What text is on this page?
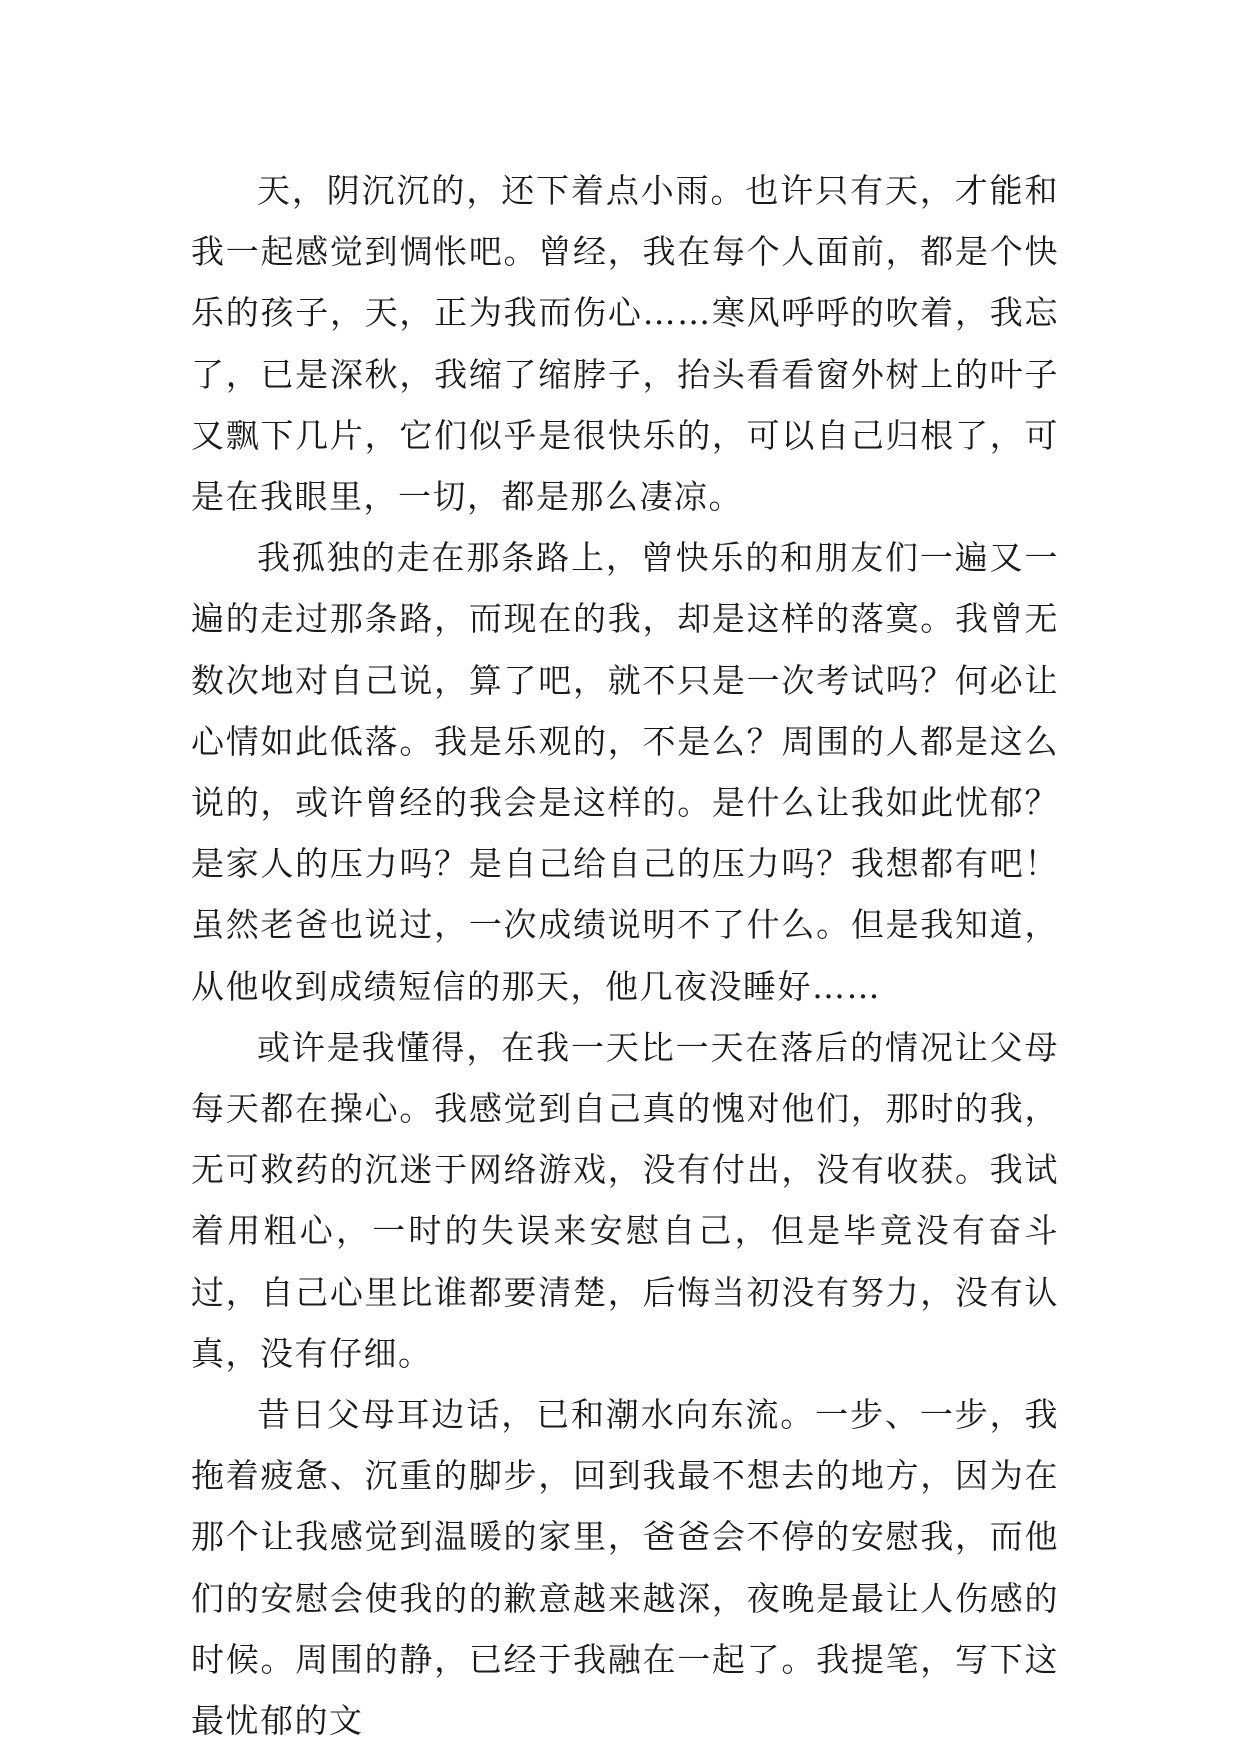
天，阴沉沉的，还下着点小雨。也许只有天，才能和我一起感觉到惆怅吧。曾经，我在每个人面前，都是个快乐的孩子，天，正为我而伤心……寒风呼呼的吹着，我忘了，已是深秋，我缩了缩脖子，抬头看看窗外树上的叶子又飘下几片，它们似乎是很快乐的，可以自己归根了，可是在我眼里，一切，都是那么凄凉。

我孤独的走在那条路上，曾快乐的和朋友们一遍又一遍的走过那条路，而现在的我，却是这样的落寞。我曾无数次地对自己说，算了吧，就不只是一次考试吗？何必让心情如此低落。我是乐观的，不是么？周围的人都是这么说的，或许曾经的我会是这样的。是什么让我如此忧郁？是家人的压力吗？是自己给自己的压力吗？我想都有吧！虽然老爸也说过，一次成绩说明不了什么。但是我知道，从他收到成绩短信的那天，他几夜没睡好……

或许是我懂得，在我一天比一天在落后的情况让父母每天都在操心。我感觉到自己真的愧对他们，那时的我，无可救药的沉迷于网络游戏，没有付出，没有收获。我试着用粗心，一时的失误来安慰自己，但是毕竟没有奋斗过，自己心里比谁都要清楚，后悔当初没有努力，没有认真，没有仔细。

昔日父母耳边话，已和潮水向东流。一步、一步，我拖着疲惫、沉重的脚步，回到我最不想去的地方，因为在那个让我感觉到温暖的家里，爸爸会不停的安慰我，而他们的安慰会使我的的歉意越来越深，夜晚是最让人伤感的时候。周围的静，已经于我融在一起了。我提笔，写下这最忧郁的文
